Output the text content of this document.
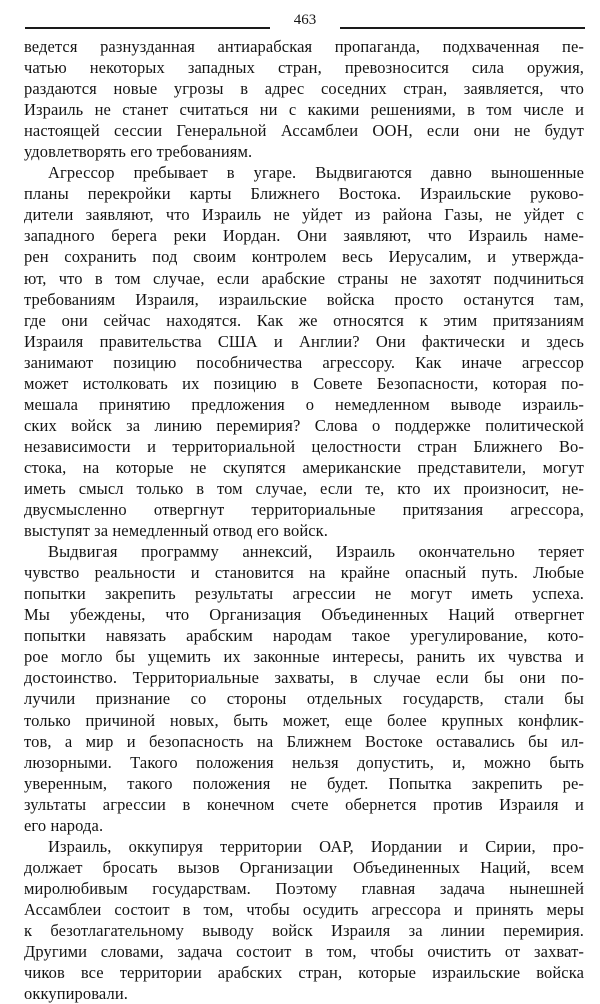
463
ведется разнузданная антиарабская пропаганда, подхваченная пе-
чатью некоторых западных стран, превозносится сила оружия,
раздаются новые угрозы в адрес соседних стран, заявляется, что
Израиль не станет считаться ни с какими решениями, в том числе и
настоящей сессии Генеральной Ассамблеи ООН, если они не будут
удовлетворять его требованиям.
Агрессор пребывает в угаре. Выдвигаются давно выношенные
планы перекройки карты Ближнего Востока. Израильские руково-
дители заявляют, что Израиль не уйдет из района Газы, не уйдет с
западного берега реки Иордан. Они заявляют, что Израиль наме-
рен сохранить под своим контролем весь Иерусалим, и утвержда-
ют, что в том случае, если арабские страны не захотят подчиниться
требованиям Израиля, израильские войска просто останутся там,
где они сейчас находятся. Как же относятся к этим притязаниям
Израиля правительства США и Англии? Они фактически и здесь
занимают позицию пособничества агрессору. Как иначе агрессор
может истолковать их позицию в Совете Безопасности, которая по-
мешала принятию предложения о немедленном выводе израиль-
ских войск за линию перемирия? Слова о поддержке политической
независимости и территориальной целостности стран Ближнего Во-
стока, на которые не скупятся американские представители, могут
иметь смысл только в том случае, если те, кто их произносит, не-
двусмысленно отвергнут территориальные притязания агрессора,
выступят за немедленный отвод его войск.
Выдвигая программу аннексий, Израиль окончательно теряет
чувство реальности и становится на крайне опасный путь. Любые
попытки закрепить результаты агрессии не могут иметь успеха.
Мы убеждены, что Организация Объединенных Наций отвергнет
попытки навязать арабским народам такое урегулирование, кото-
рое могло бы ущемить их законные интересы, ранить их чувства и
достоинство. Территориальные захваты, в случае если бы они по-
лучили признание со стороны отдельных государств, стали бы
только причиной новых, быть может, еще более крупных конфлик-
тов, а мир и безопасность на Ближнем Востоке оставались бы ил-
люзорными. Такого положения нельзя допустить, и, можно быть
уверенным, такого положения не будет. Попытка закрепить ре-
зультаты агрессии в конечном счете обернется против Израиля и
его народа.
Израиль, оккупируя территории ОАР, Иордании и Сирии, про-
должает бросать вызов Организации Объединенных Наций, всем
миролюбивым государствам. Поэтому главная задача нынешней
Ассамблеи состоит в том, чтобы осудить агрессора и принять меры
к безотлагательному выводу войск Израиля за линии перемирия.
Другими словами, задача состоит в том, чтобы очистить от захват-
чиков все территории арабских стран, которые израильские войска
оккупировали.
